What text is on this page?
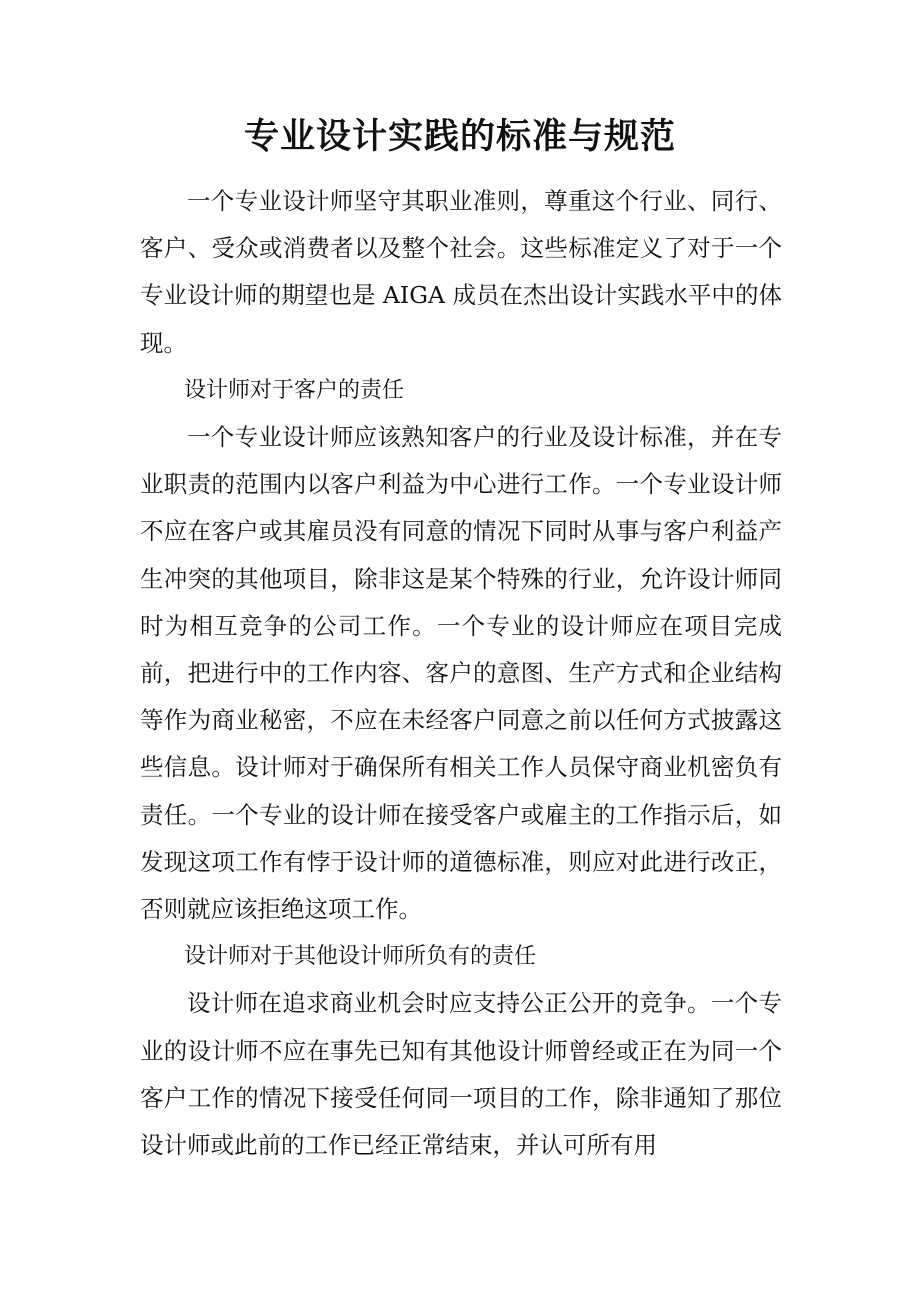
专业设计实践的标准与规范

一个专业设计师坚守其职业准则，尊重这个行业、同行、客户、受众或消费者以及整个社会。这些标准定义了对于一个专业设计师的期望也是 AIGA 成员在杰出设计实践水平中的体现。

设计师对于客户的责任

一个专业设计师应该熟知客户的行业及设计标准，并在专业职责的范围内以客户利益为中心进行工作。一个专业设计师不应在客户或其雇员没有同意的情况下同时从事与客户利益产生冲突的其他项目，除非这是某个特殊的行业，允许设计师同时为相互竞争的公司工作。一个专业的设计师应在项目完成前，把进行中的工作内容、客户的意图、生产方式和企业结构等作为商业秘密，不应在未经客户同意之前以任何方式披露这些信息。设计师对于确保所有相关工作人员保守商业机密负有责任。一个专业的设计师在接受客户或雇主的工作指示后，如发现这项工作有悖于设计师的道德标准，则应对此进行改正，否则就应该拒绝这项工作。

设计师对于其他设计师所负有的责任

设计师在追求商业机会时应支持公正公开的竞争。一个专业的设计师不应在事先已知有其他设计师曾经或正在为同一个客户工作的情况下接受任何同一项目的工作，除非通知了那位设计师或此前的工作已经正常结束，并认可所有用
